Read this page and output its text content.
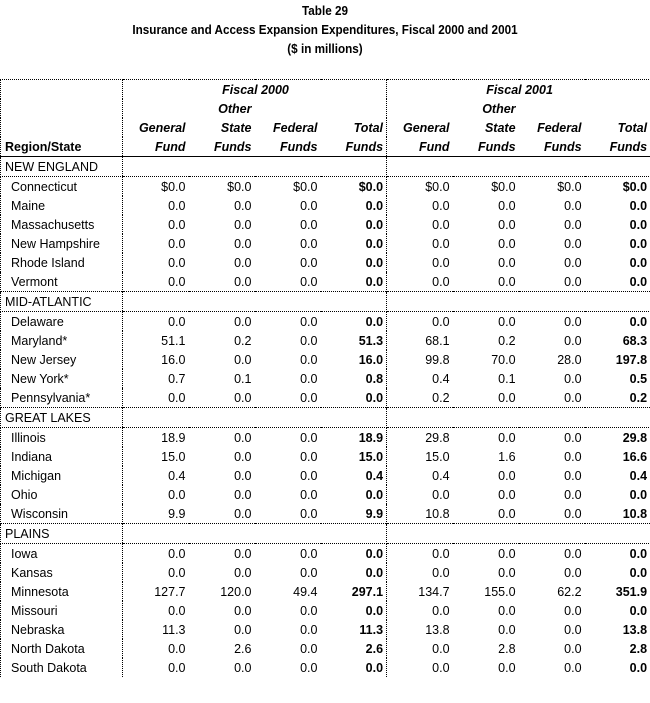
Table 29
Insurance and Access Expansion Expenditures, Fiscal 2000 and 2001
($ in millions)
	Fiscal 2000				Fiscal 2001			
		Other				Other		
	General	State	Federal	Total	General	State	Federal	Total
Region/State	Fund	Funds	Funds	Funds	Fund	Funds	Funds	Funds
NEW ENGLAND								
Connecticut	$0.0	$0.0	$0.0	$0.0	$0.0	$0.0	$0.0	$0.0
Maine	0.0	0.0	0.0	0.0	0.0	0.0	0.0	0.0
Massachusetts	0.0	0.0	0.0	0.0	0.0	0.0	0.0	0.0
New Hampshire	0.0	0.0	0.0	0.0	0.0	0.0	0.0	0.0
Rhode Island	0.0	0.0	0.0	0.0	0.0	0.0	0.0	0.0
Vermont	0.0	0.0	0.0	0.0	0.0	0.0	0.0	0.0
MID-ATLANTIC								
Delaware	0.0	0.0	0.0	0.0	0.0	0.0	0.0	0.0
Maryland*	51.1	0.2	0.0	51.3	68.1	0.2	0.0	68.3
New Jersey	16.0	0.0	0.0	16.0	99.8	70.0	28.0	197.8
New York*	0.7	0.1	0.0	0.8	0.4	0.1	0.0	0.5
Pennsylvania*	0.0	0.0	0.0	0.0	0.2	0.0	0.0	0.2
GREAT LAKES								
Illinois	18.9	0.0	0.0	18.9	29.8	0.0	0.0	29.8
Indiana	15.0	0.0	0.0	15.0	15.0	1.6	0.0	16.6
Michigan	0.4	0.0	0.0	0.4	0.4	0.0	0.0	0.4
Ohio	0.0	0.0	0.0	0.0	0.0	0.0	0.0	0.0
Wisconsin	9.9	0.0	0.0	9.9	10.8	0.0	0.0	10.8
PLAINS								
Iowa	0.0	0.0	0.0	0.0	0.0	0.0	0.0	0.0
Kansas	0.0	0.0	0.0	0.0	0.0	0.0	0.0	0.0
Minnesota	127.7	120.0	49.4	297.1	134.7	155.0	62.2	351.9
Missouri	0.0	0.0	0.0	0.0	0.0	0.0	0.0	0.0
Nebraska	11.3	0.0	0.0	11.3	13.8	0.0	0.0	13.8
North Dakota	0.0	2.6	0.0	2.6	0.0	2.8	0.0	2.8
South Dakota	0.0	0.0	0.0	0.0	0.0	0.0	0.0	0.0
